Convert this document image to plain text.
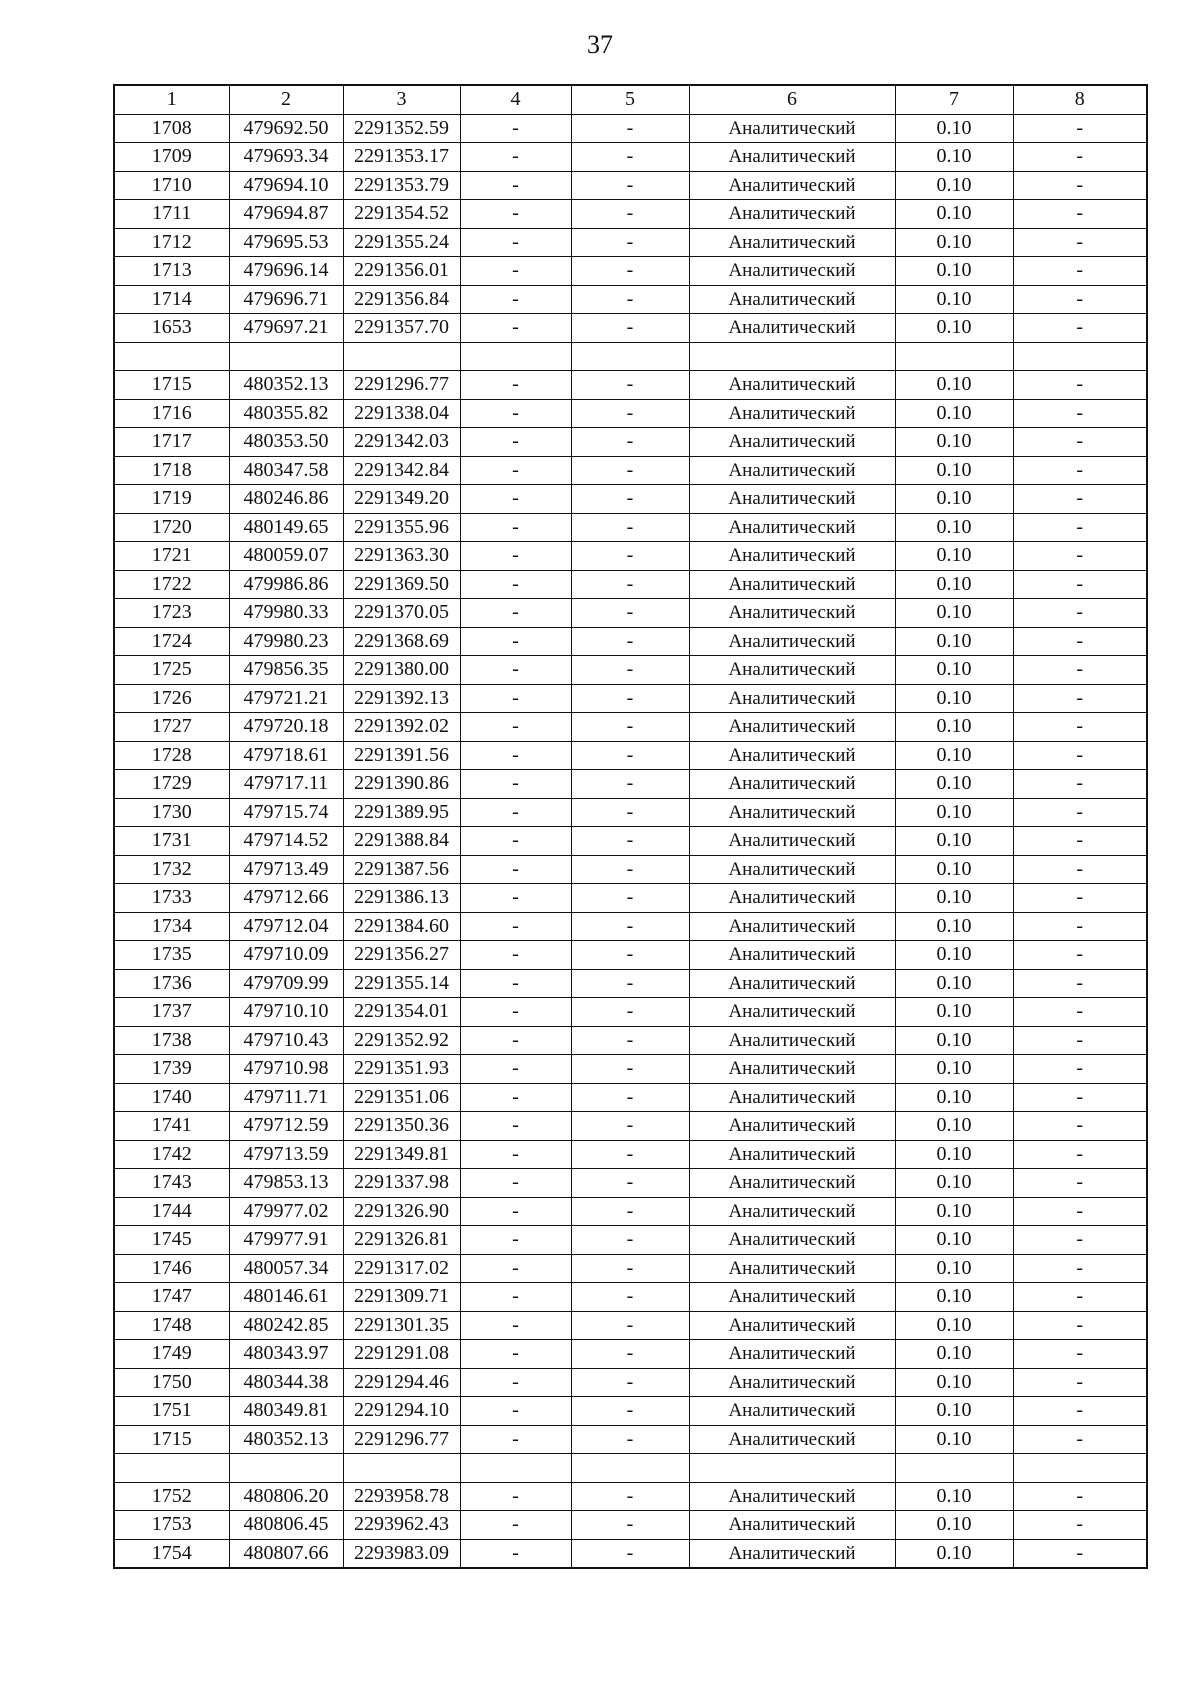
37
1	2	3	4	5	6	7	8
1708	479692.50	2291352.59	-	-	Аналитический	0.10	-
1709	479693.34	2291353.17	-	-	Аналитический	0.10	-
1710	479694.10	2291353.79	-	-	Аналитический	0.10	-
1711	479694.87	2291354.52	-	-	Аналитический	0.10	-
1712	479695.53	2291355.24	-	-	Аналитический	0.10	-
1713	479696.14	2291356.01	-	-	Аналитический	0.10	-
1714	479696.71	2291356.84	-	-	Аналитический	0.10	-
1653	479697.21	2291357.70	-	-	Аналитический	0.10	-

1715	480352.13	2291296.77	-	-	Аналитический	0.10	-
1716	480355.82	2291338.04	-	-	Аналитический	0.10	-
1717	480353.50	2291342.03	-	-	Аналитический	0.10	-
1718	480347.58	2291342.84	-	-	Аналитический	0.10	-
1719	480246.86	2291349.20	-	-	Аналитический	0.10	-
1720	480149.65	2291355.96	-	-	Аналитический	0.10	-
1721	480059.07	2291363.30	-	-	Аналитический	0.10	-
1722	479986.86	2291369.50	-	-	Аналитический	0.10	-
1723	479980.33	2291370.05	-	-	Аналитический	0.10	-
1724	479980.23	2291368.69	-	-	Аналитический	0.10	-
1725	479856.35	2291380.00	-	-	Аналитический	0.10	-
1726	479721.21	2291392.13	-	-	Аналитический	0.10	-
1727	479720.18	2291392.02	-	-	Аналитический	0.10	-
1728	479718.61	2291391.56	-	-	Аналитический	0.10	-
1729	479717.11	2291390.86	-	-	Аналитический	0.10	-
1730	479715.74	2291389.95	-	-	Аналитический	0.10	-
1731	479714.52	2291388.84	-	-	Аналитический	0.10	-
1732	479713.49	2291387.56	-	-	Аналитический	0.10	-
1733	479712.66	2291386.13	-	-	Аналитический	0.10	-
1734	479712.04	2291384.60	-	-	Аналитический	0.10	-
1735	479710.09	2291356.27	-	-	Аналитический	0.10	-
1736	479709.99	2291355.14	-	-	Аналитический	0.10	-
1737	479710.10	2291354.01	-	-	Аналитический	0.10	-
1738	479710.43	2291352.92	-	-	Аналитический	0.10	-
1739	479710.98	2291351.93	-	-	Аналитический	0.10	-
1740	479711.71	2291351.06	-	-	Аналитический	0.10	-
1741	479712.59	2291350.36	-	-	Аналитический	0.10	-
1742	479713.59	2291349.81	-	-	Аналитический	0.10	-
1743	479853.13	2291337.98	-	-	Аналитический	0.10	-
1744	479977.02	2291326.90	-	-	Аналитический	0.10	-
1745	479977.91	2291326.81	-	-	Аналитический	0.10	-
1746	480057.34	2291317.02	-	-	Аналитический	0.10	-
1747	480146.61	2291309.71	-	-	Аналитический	0.10	-
1748	480242.85	2291301.35	-	-	Аналитический	0.10	-
1749	480343.97	2291291.08	-	-	Аналитический	0.10	-
1750	480344.38	2291294.46	-	-	Аналитический	0.10	-
1751	480349.81	2291294.10	-	-	Аналитический	0.10	-
1715	480352.13	2291296.77	-	-	Аналитический	0.10	-

1752	480806.20	2293958.78	-	-	Аналитический	0.10	-
1753	480806.45	2293962.43	-	-	Аналитический	0.10	-
1754	480807.66	2293983.09	-	-	Аналитический	0.10	-
